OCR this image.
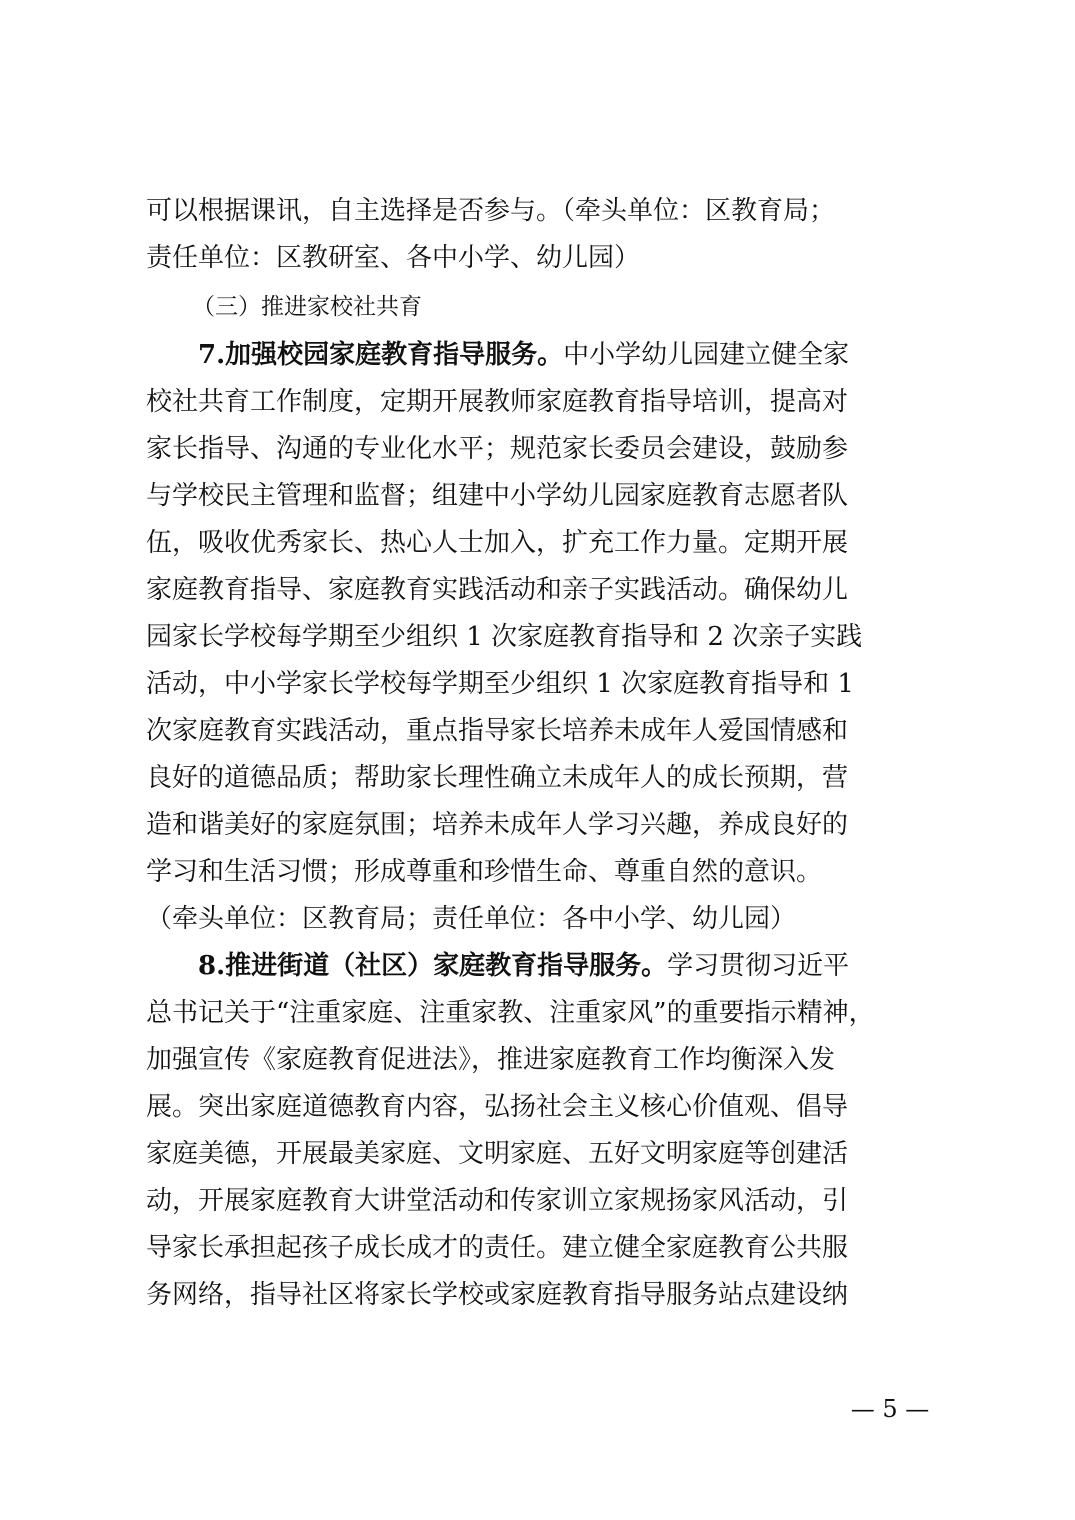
可以根据课讯，自主选择是否参与。（牵头单位：区教育局；
责任单位：区教研室、各中小学、幼儿园）
（三）推进家校社共育
7.加强校园家庭教育指导服务。中小学幼儿园建立健全家
校社共育工作制度，定期开展教师家庭教育指导培训，提高对
家长指导、沟通的专业化水平；规范家长委员会建设，鼓励参
与学校民主管理和监督；组建中小学幼儿园家庭教育志愿者队
伍，吸收优秀家长、热心人士加入，扩充工作力量。定期开展
家庭教育指导、家庭教育实践活动和亲子实践活动。确保幼儿
园家长学校每学期至少组织 1 次家庭教育指导和 2 次亲子实践
活动，中小学家长学校每学期至少组织 1 次家庭教育指导和 1
次家庭教育实践活动，重点指导家长培养未成年人爱国情感和
良好的道德品质；帮助家长理性确立未成年人的成长预期，营
造和谐美好的家庭氛围；培养未成年人学习兴趣，养成良好的
学习和生活习惯；形成尊重和珍惜生命、尊重自然的意识。
（牵头单位：区教育局；责任单位：各中小学、幼儿园）
8.推进街道（社区）家庭教育指导服务。学习贯彻习近平
总书记关于“注重家庭、注重家教、注重家风”的重要指示精神，
加强宣传《家庭教育促进法》，推进家庭教育工作均衡深入发
展。突出家庭道德教育内容，弘扬社会主义核心价值观、倡导
家庭美德，开展最美家庭、文明家庭、五好文明家庭等创建活
动，开展家庭教育大讲堂活动和传家训立家规扬家风活动，引
导家长承担起孩子成长成才的责任。建立健全家庭教育公共服
务网络，指导社区将家长学校或家庭教育指导服务站点建设纳
— 5 —
